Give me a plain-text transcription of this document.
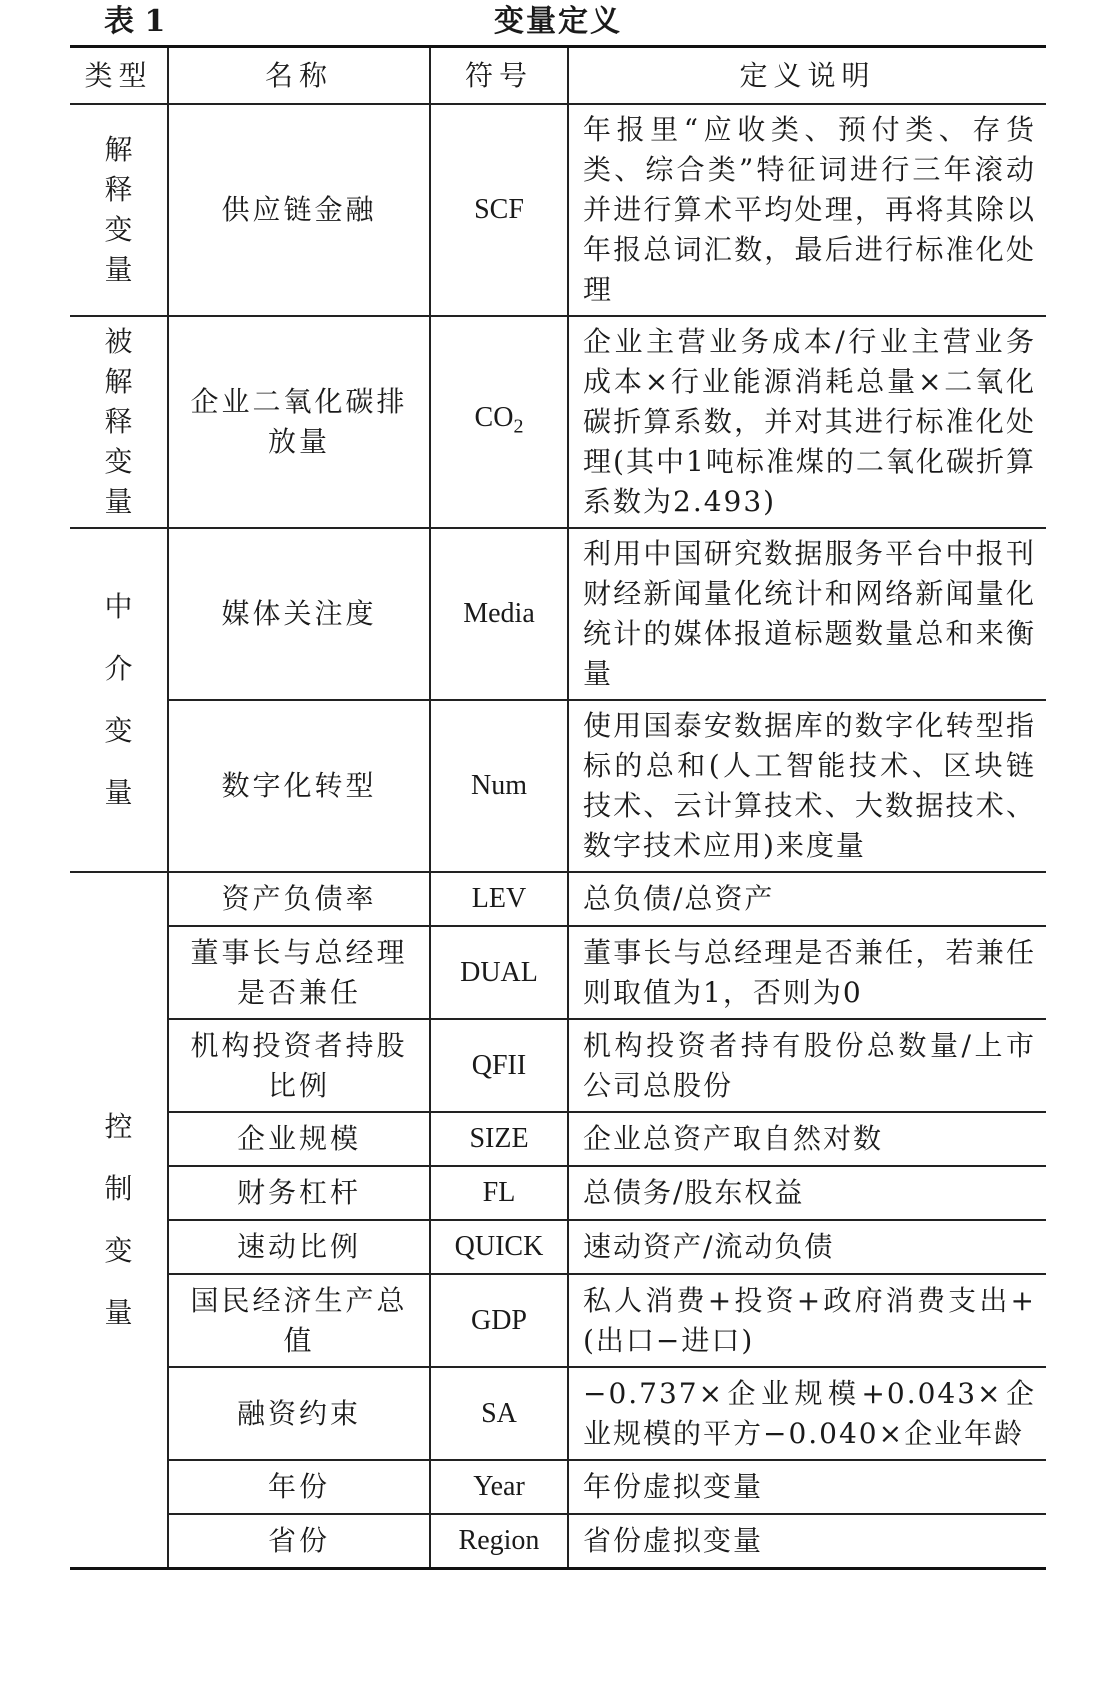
表 1	变量定义
类型	名称	符号	定义说明

解释变量	供应链金融	SCF	年报里“应收类、预付类、存货类、综合类”特征词进行三年滚动并进行算术平均处理，再将其除以年报总词汇数，最后进行标准化处理

被解释变量	企业二氧化碳排放量	$CO_2$	企业主营业务成本/行业主营业务成本×行业能源消耗总量×二氧化碳折算系数，并对其进行标准化处理(其中1吨标准煤的二氧化碳折算系数为2.493)

中介变量	媒体关注度	Media	利用中国研究数据服务平台中报刊财经新闻量化统计和网络新闻量化统计的媒体报道标题数量总和来衡量
	数字化转型	Num	使用国泰安数据库的数字化转型指标的总和(人工智能技术、区块链技术、云计算技术、大数据技术、数字技术应用)来度量

控制变量	资产负债率	LEV	总负债/总资产
	董事长与总经理是否兼任	DUAL	董事长与总经理是否兼任，若兼任则取值为1，否则为0
	机构投资者持股比例	QFII	机构投资者持有股份总数量/上市公司总股份
	企业规模	SIZE	企业总资产取自然对数
	财务杠杆	FL	总债务/股东权益
	速动比例	QUICK	速动资产/流动负债
	国民经济生产总值	GDP	私人消费+投资+政府消费支出+(出口−进口)
	融资约束	SA	−0.737×企业规模+0.043×企业规模的平方−0.040×企业年龄
	年份	Year	年份虚拟变量
	省份	Region	省份虚拟变量
